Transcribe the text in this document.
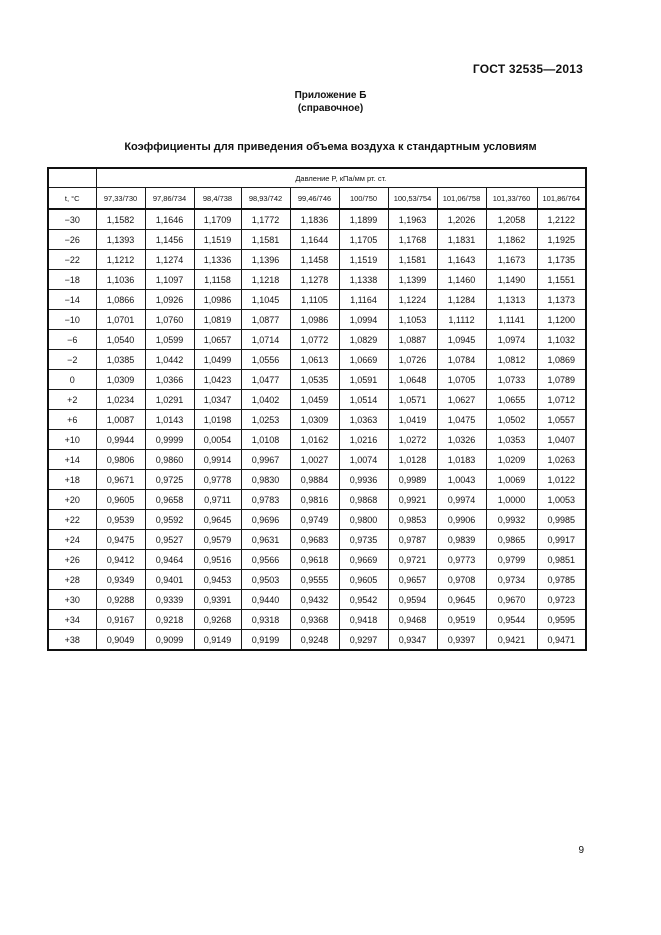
ГОСТ 32535—2013
Приложение Б
(справочное)
Коэффициенты для приведения объема воздуха к стандартным условиям
	Давление P, кПа/мм рт. ст.									
t, °С	97,33/730	97,86/734	98,4/738	98,93/742	99,46/746	100/750	100,53/754	101,06/758	101,33/760	101,86/764
−30	1,1582	1,1646	1,1709	1,1772	1,1836	1,1899	1,1963	1,2026	1,2058	1,2122
−26	1,1393	1,1456	1,1519	1,1581	1,1644	1,1705	1,1768	1,1831	1,1862	1,1925
−22	1,1212	1,1274	1,1336	1,1396	1,1458	1,1519	1,1581	1,1643	1,1673	1,1735
−18	1,1036	1,1097	1,1158	1,1218	1,1278	1,1338	1,1399	1,1460	1,1490	1,1551
−14	1,0866	1,0926	1,0986	1,1045	1,1105	1,1164	1,1224	1,1284	1,1313	1,1373
−10	1,0701	1,0760	1,0819	1,0877	1,0986	1,0994	1,1053	1,1112	1,1141	1,1200
−6	1,0540	1,0599	1,0657	1,0714	1,0772	1,0829	1,0887	1,0945	1,0974	1,1032
−2	1,0385	1,0442	1,0499	1,0556	1,0613	1,0669	1,0726	1,0784	1,0812	1,0869
0	1,0309	1,0366	1,0423	1,0477	1,0535	1,0591	1,0648	1,0705	1,0733	1,0789
+2	1,0234	1,0291	1,0347	1,0402	1,0459	1,0514	1,0571	1,0627	1,0655	1,0712
+6	1,0087	1,0143	1,0198	1,0253	1,0309	1,0363	1,0419	1,0475	1,0502	1,0557
+10	0,9944	0,9999	0,0054	1,0108	1,0162	1,0216	1,0272	1,0326	1,0353	1,0407
+14	0,9806	0,9860	0,9914	0,9967	1,0027	1,0074	1,0128	1,0183	1,0209	1,0263
+18	0,9671	0,9725	0,9778	0,9830	0,9884	0,9936	0,9989	1,0043	1,0069	1,0122
+20	0,9605	0,9658	0,9711	0,9783	0,9816	0,9868	0,9921	0,9974	1,0000	1,0053
+22	0,9539	0,9592	0,9645	0,9696	0,9749	0,9800	0,9853	0,9906	0,9932	0,9985
+24	0,9475	0,9527	0,9579	0,9631	0,9683	0,9735	0,9787	0,9839	0,9865	0,9917
+26	0,9412	0,9464	0,9516	0,9566	0,9618	0,9669	0,9721	0,9773	0,9799	0,9851
+28	0,9349	0,9401	0,9453	0,9503	0,9555	0,9605	0,9657	0,9708	0,9734	0,9785
+30	0,9288	0,9339	0,9391	0,9440	0,9432	0,9542	0,9594	0,9645	0,9670	0,9723
+34	0,9167	0,9218	0,9268	0,9318	0,9368	0,9418	0,9468	0,9519	0,9544	0,9595
+38	0,9049	0,9099	0,9149	0,9199	0,9248	0,9297	0,9347	0,9397	0,9421	0,9471
9
